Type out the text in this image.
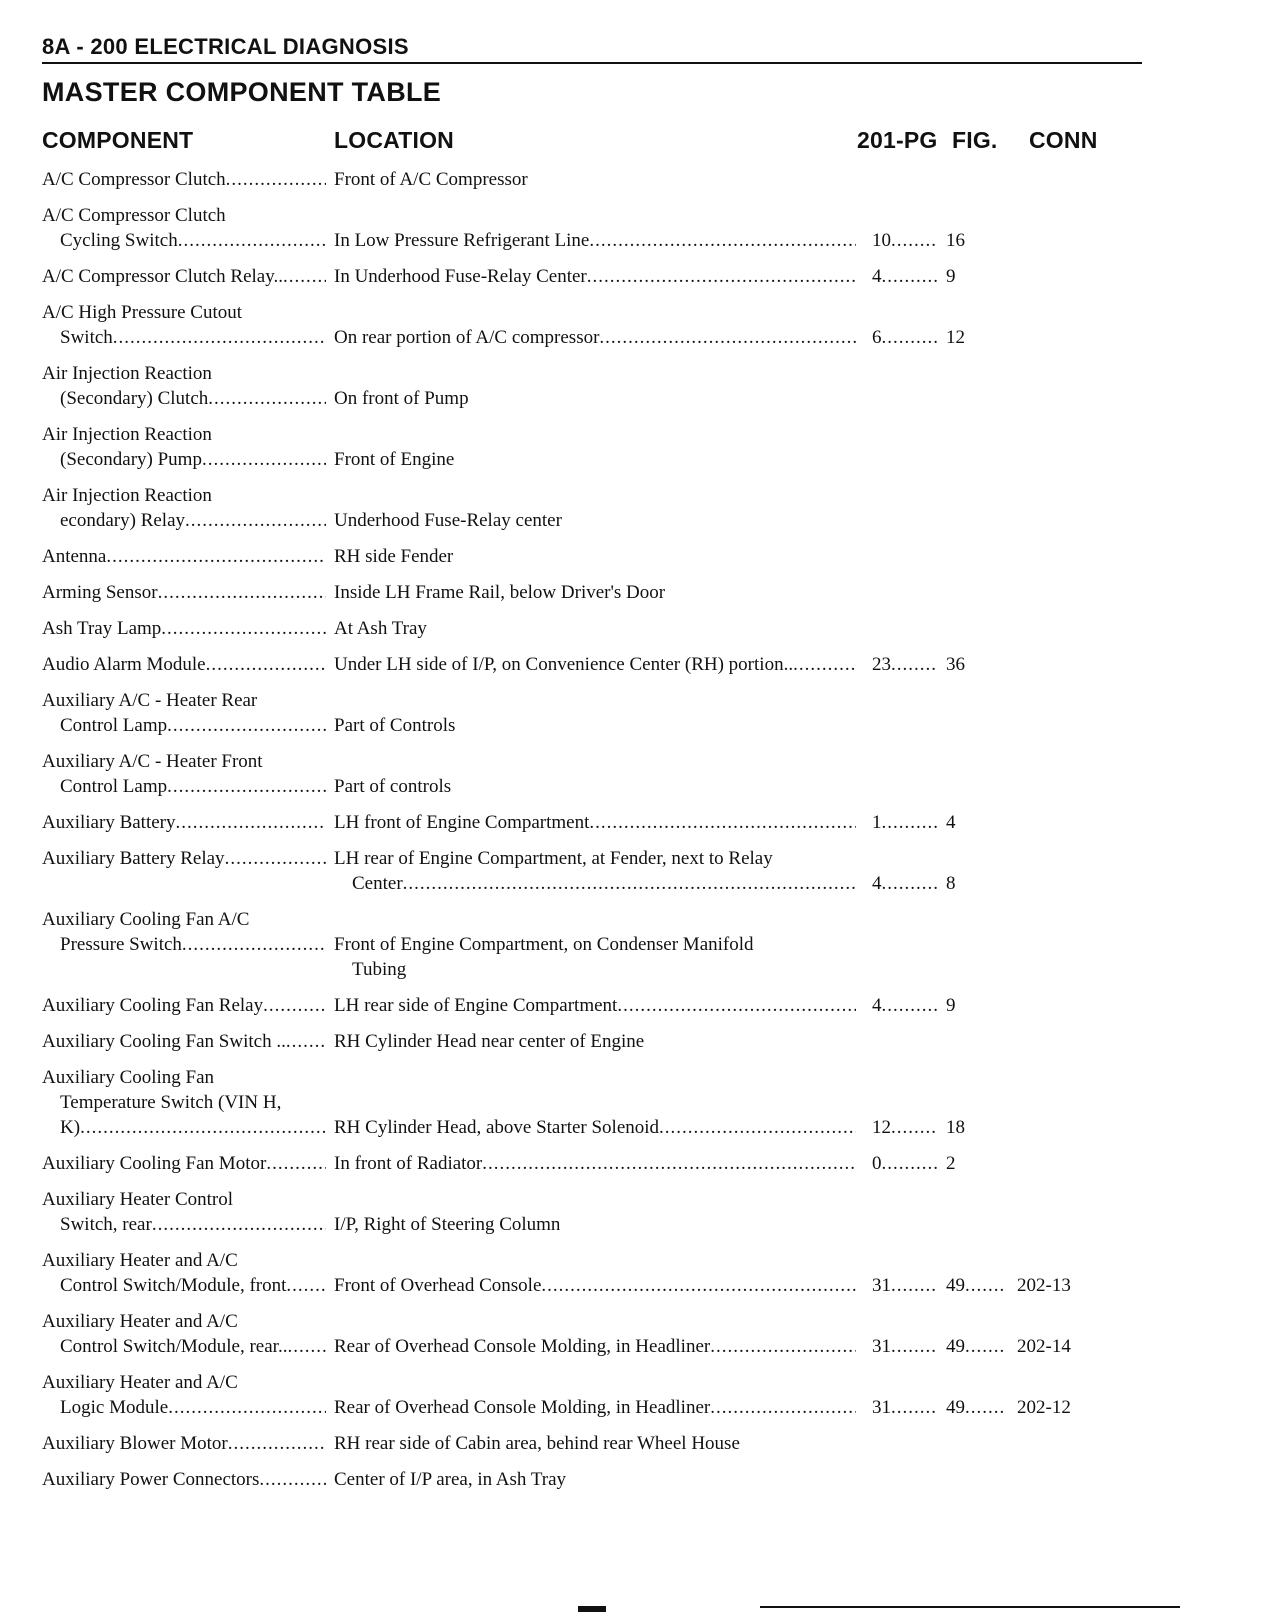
8A - 200 ELECTRICAL DIAGNOSIS
MASTER COMPONENT TABLE
COMPONENT	LOCATION	201-PG FIG. CONN
A/C Compressor Clutch .....	Front of A/C Compressor
A/C Compressor Clutch
Cycling Switch .....	In Low Pressure Refrigerant Line .....	10 .....	16
A/C Compressor Clutch Relay.. .....	In Underhood Fuse-Relay Center .....	4 .....	9
A/C High Pressure Cutout
Switch .....	On rear portion of A/C compressor .....	6 .....	12
Air Injection Reaction
(Secondary) Clutch .....	On front of Pump
Air Injection Reaction
(Secondary) Pump .....	Front of Engine
Air Injection Reaction
econdary) Relay .....	Underhood Fuse-Relay center
Antenna .....	RH side Fender
Arming Sensor .....	Inside LH Frame Rail, below Driver's Door
Ash Tray Lamp .....	At Ash Tray
Audio Alarm Module .....	Under LH side of I/P, on Convenience Center (RH) portion.. .....	23 .....	36
Auxiliary A/C - Heater Rear
Control Lamp .....	Part of Controls
Auxiliary A/C - Heater Front
Control Lamp .....	Part of controls
Auxiliary Battery .....	LH front of Engine Compartment .....	1 .....	4
Auxiliary Battery Relay .....	LH rear of Engine Compartment, at Fender, next to Relay
Center .....	4 .....	8
Auxiliary Cooling Fan A/C
Pressure Switch .....	Front of Engine Compartment, on Condenser Manifold
Tubing
Auxiliary Cooling Fan Relay .....	LH rear side of Engine Compartment .....	4 .....	9
Auxiliary Cooling Fan Switch .. .....	RH Cylinder Head near center of Engine
Auxiliary Cooling Fan
Temperature Switch (VIN H,
K) .....	RH Cylinder Head, above Starter Solenoid .....	12 .....	18
Auxiliary Cooling Fan Motor .....	In front of Radiator .....	0 .....	2
Auxiliary Heater Control
Switch, rear .....	I/P, Right of Steering Column
Auxiliary Heater and A/C
Control Switch/Module, front .....	Front of Overhead Console .....	31 .....	49 .....	202-13
Auxiliary Heater and A/C
Control Switch/Module, rear.. ..... Rear of Overhead Console Molding, in Headliner .....	31 .....	49 .....	202-14
Auxiliary Heater and A/C
Logic Module .....	Rear of Overhead Console Molding, in Headliner .....	31 .....	49 .....	202-12
Auxiliary Blower Motor .....	RH rear side of Cabin area, behind rear Wheel House
Auxiliary Power Connectors .....	Center of I/P area, in Ash Tray
